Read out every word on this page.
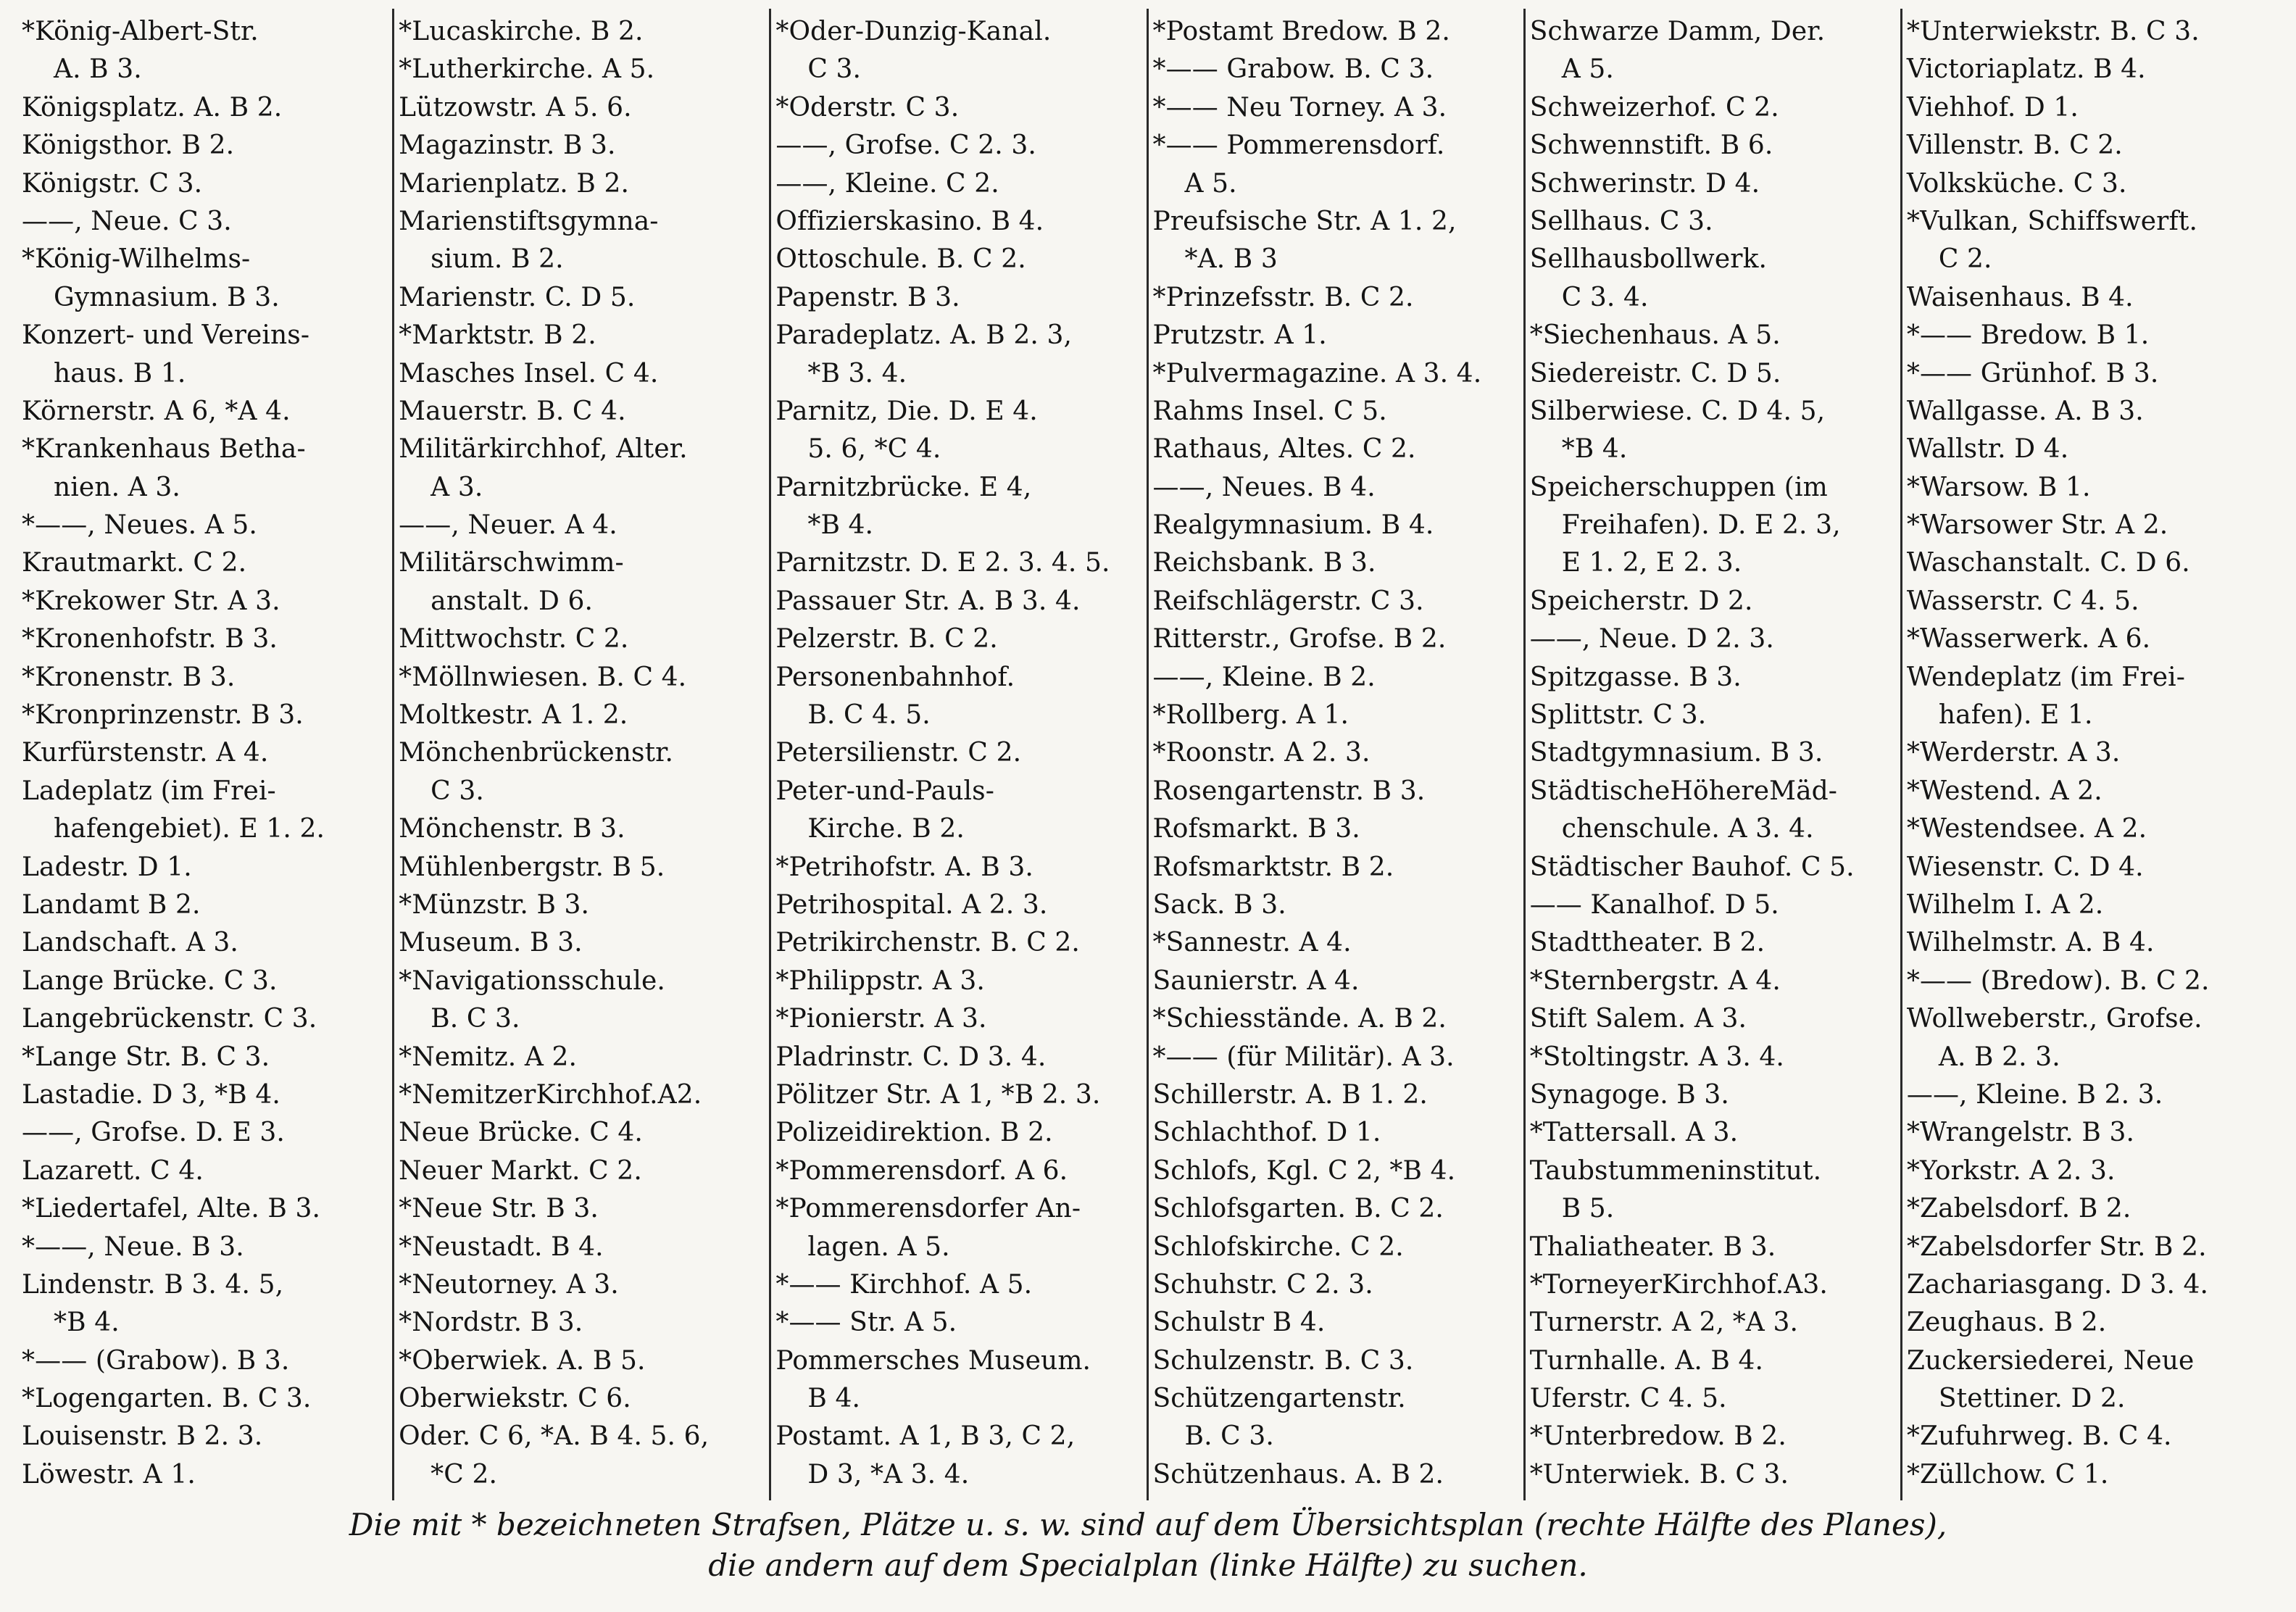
*König-Albert-Str.
A. B 3.
Königsplatz. A. B 2.
Königsthor. B 2.
Königstr. C 3.
——, Neue. C 3.
*König-Wilhelms-
Gymnasium. B 3.
Konzert- und Vereins-
haus. B 1.
Körnerstr. A 6, *A 4.
*Krankenhaus Betha-
nien. A 3.
*——, Neues. A 5.
Krautmarkt. C 2.
*Krekower Str. A 3.
*Kronenhofstr. B 3.
*Kronenstr. B 3.
*Kronprinzenstr. B 3.
Kurfürstenstr. A 4.
Ladeplatz (im Frei-
hafengebiet). E 1. 2.
Ladestr. D 1.
Landamt B 2.
Landschaft. A 3.
Lange Brücke. C 3.
Langebrückenstr. C 3.
*Lange Str. B. C 3.
Lastadie. D 3, *B 4.
——, Grofse. D. E 3.
Lazarett. C 4.
*Liedertafel, Alte. B 3.
*——, Neue. B 3.
Lindenstr. B 3. 4. 5,
*B 4.
*—— (Grabow). B 3.
*Logengarten. B. C 3.
Louisenstr. B 2. 3.
Löwestr. A 1.
*Lucaskirche. B 2.
*Lutherkirche. A 5.
Lützowstr. A 5. 6.
Magazinstr. B 3.
Marienplatz. B 2.
Marienstiftsgymna-
sium. B 2.
Marienstr. C. D 5.
*Marktstr. B 2.
Masches Insel. C 4.
Mauerstr. B. C 4.
Militärkirchhof, Alter.
A 3.
——, Neuer. A 4.
Militärschwimm-
anstalt. D 6.
Mittwochstr. C 2.
*Möllnwiesen. B. C 4.
Moltkestr. A 1. 2.
Mönchenbrückenstr.
C 3.
Mönchenstr. B 3.
Mühlenbergstr. B 5.
*Münzstr. B 3.
Museum. B 3.
*Navigationsschule.
B. C 3.
*Nemitz. A 2.
*NemitzerKirchhof.A2.
Neue Brücke. C 4.
Neuer Markt. C 2.
*Neue Str. B 3.
*Neustadt. B 4.
*Neutorney. A 3.
*Nordstr. B 3.
*Oberwiek. A. B 5.
Oberwiekstr. C 6.
Oder. C 6, *A. B 4. 5. 6,
*C 2.
*Oder-Dunzig-Kanal.
C 3.
*Oderstr. C 3.
——, Grofse. C 2. 3.
——, Kleine. C 2.
Offizierskasino. B 4.
Ottoschule. B. C 2.
Papenstr. B 3.
Paradeplatz. A. B 2. 3,
*B 3. 4.
Parnitz, Die. D. E 4.
5. 6, *C 4.
Parnitzbrücke. E 4,
*B 4.
Parnitzstr. D. E 2. 3. 4. 5.
Passauer Str. A. B 3. 4.
Pelzerstr. B. C 2.
Personenbahnhof.
B. C 4. 5.
Petersilienstr. C 2.
Peter-und-Pauls-
Kirche. B 2.
*Petrihofstr. A. B 3.
Petrihospital. A 2. 3.
Petrikirchenstr. B. C 2.
*Philippstr. A 3.
*Pionierstr. A 3.
Pladrinstr. C. D 3. 4.
Pölitzer Str. A 1, *B 2. 3.
Polizeidirektion. B 2.
*Pommerensdorf. A 6.
*Pommerensdorfer An-
lagen. A 5.
*—— Kirchhof. A 5.
*—— Str. A 5.
Pommersches Museum.
B 4.
Postamt. A 1, B 3, C 2,
D 3, *A 3. 4.
*Postamt Bredow. B 2.
*—— Grabow. B. C 3.
*—— Neu Torney. A 3.
*—— Pommerensdorf.
A 5.
Preufsische Str. A 1. 2,
*A. B 3
*Prinzefsstr. B. C 2.
Prutzstr. A 1.
*Pulvermagazine. A 3. 4.
Rahms Insel. C 5.
Rathaus, Altes. C 2.
——, Neues. B 4.
Realgymnasium. B 4.
Reichsbank. B 3.
Reifschlägerstr. C 3.
Ritterstr., Grofse. B 2.
——, Kleine. B 2.
*Rollberg. A 1.
*Roonstr. A 2. 3.
Rosengartenstr. B 3.
Rofsmarkt. B 3.
Rofsmarktstr. B 2.
Sack. B 3.
*Sannestr. A 4.
Saunierstr. A 4.
*Schiesstände. A. B 2.
*—— (für Militär). A 3.
Schillerstr. A. B 1. 2.
Schlachthof. D 1.
Schlofs, Kgl. C 2, *B 4.
Schlofsgarten. B. C 2.
Schlofskirche. C 2.
Schuhstr. C 2. 3.
Schulstr B 4.
Schulzenstr. B. C 3.
Schützengartenstr.
B. C 3.
Schützenhaus. A. B 2.
Schwarze Damm, Der.
A 5.
Schweizerhof. C 2.
Schwennstift. B 6.
Schwerinstr. D 4.
Sellhaus. C 3.
Sellhausbollwerk.
C 3. 4.
*Siechenhaus. A 5.
Siedereistr. C. D 5.
Silberwiese. C. D 4. 5,
*B 4.
Speicherschuppen (im
Freihafen). D. E 2. 3,
E 1. 2, E 2. 3.
Speicherstr. D 2.
——, Neue. D 2. 3.
Spitzgasse. B 3.
Splittstr. C 3.
Stadtgymnasium. B 3.
StädtischeHöhereMäd-
chenschule. A 3. 4.
Städtischer Bauhof. C 5.
—— Kanalhof. D 5.
Stadttheater. B 2.
*Sternbergstr. A 4.
Stift Salem. A 3.
*Stoltingstr. A 3. 4.
Synagoge. B 3.
*Tattersall. A 3.
Taubstummeninstitut.
B 5.
Thaliatheater. B 3.
*TorneyerKirchhof.A3.
Turnerstr. A 2, *A 3.
Turnhalle. A. B 4.
Uferstr. C 4. 5.
*Unterbredow. B 2.
*Unterwiek. B. C 3.
*Unterwiekstr. B. C 3.
Victoriaplatz. B 4.
Viehhof. D 1.
Villenstr. B. C 2.
Volksküche. C 3.
*Vulkan, Schiffswerft.
C 2.
Waisenhaus. B 4.
*—— Bredow. B 1.
*—— Grünhof. B 3.
Wallgasse. A. B 3.
Wallstr. D 4.
*Warsow. B 1.
*Warsower Str. A 2.
Waschanstalt. C. D 6.
Wasserstr. C 4. 5.
*Wasserwerk. A 6.
Wendeplatz (im Frei-
hafen). E 1.
*Werderstr. A 3.
*Westend. A 2.
*Westendsee. A 2.
Wiesenstr. C. D 4.
Wilhelm I. A 2.
Wilhelmstr. A. B 4.
*—— (Bredow). B. C 2.
Wollweberstr., Grofse.
A. B 2. 3.
——, Kleine. B 2. 3.
*Wrangelstr. B 3.
*Yorkstr. A 2. 3.
*Zabelsdorf. B 2.
*Zabelsdorfer Str. B 2.
Zachariasgang. D 3. 4.
Zeughaus. B 2.
Zuckersiederei, Neue
Stettiner. D 2.
*Zufuhrweg. B. C 4.
*Züllchow. C 1.
Die mit * bezeichneten Strafsen, Plätze u. s. w. sind auf dem Übersichtsplan (rechte Hälfte des Planes),
die andern auf dem Specialplan (linke Hälfte) zu suchen.
